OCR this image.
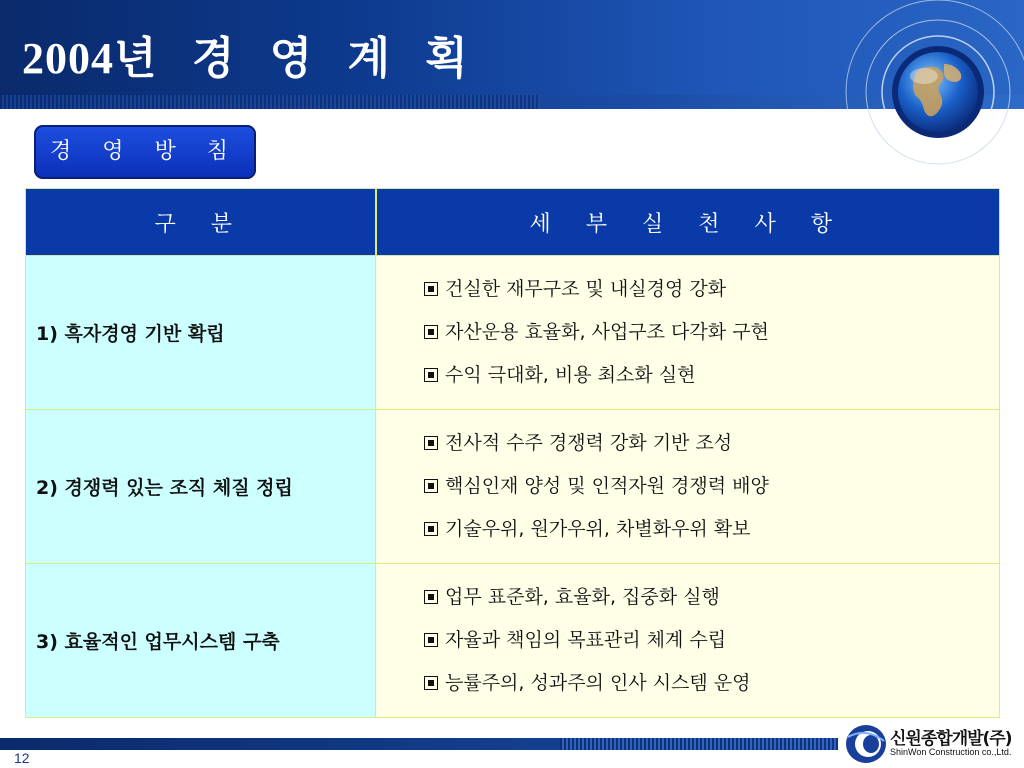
2004년 경 영 계 획
경 영 방 침
구 분	세 부 실 천 사 항
1) 흑자경영 기반 확립	건실한 재무구조 및 내실경영 강화
자산운용 효율화, 사업구조 다각화 구현
수익 극대화, 비용 최소화 실현

2) 경쟁력 있는 조직 체질 정립	전사적 수주 경쟁력 강화 기반 조성
핵심인재 양성 및 인적자원 경쟁력 배양
기술우위, 원가우위, 차별화우위 확보

3) 효율적인 업무시스템 구축	업무 표준화, 효율화, 집중화 실행
자율과 책임의 목표관리 체계 수립
능률주의, 성과주의 인사 시스템 운영
12
신원종합개발(주)
ShinWon Construction co.,Ltd.
